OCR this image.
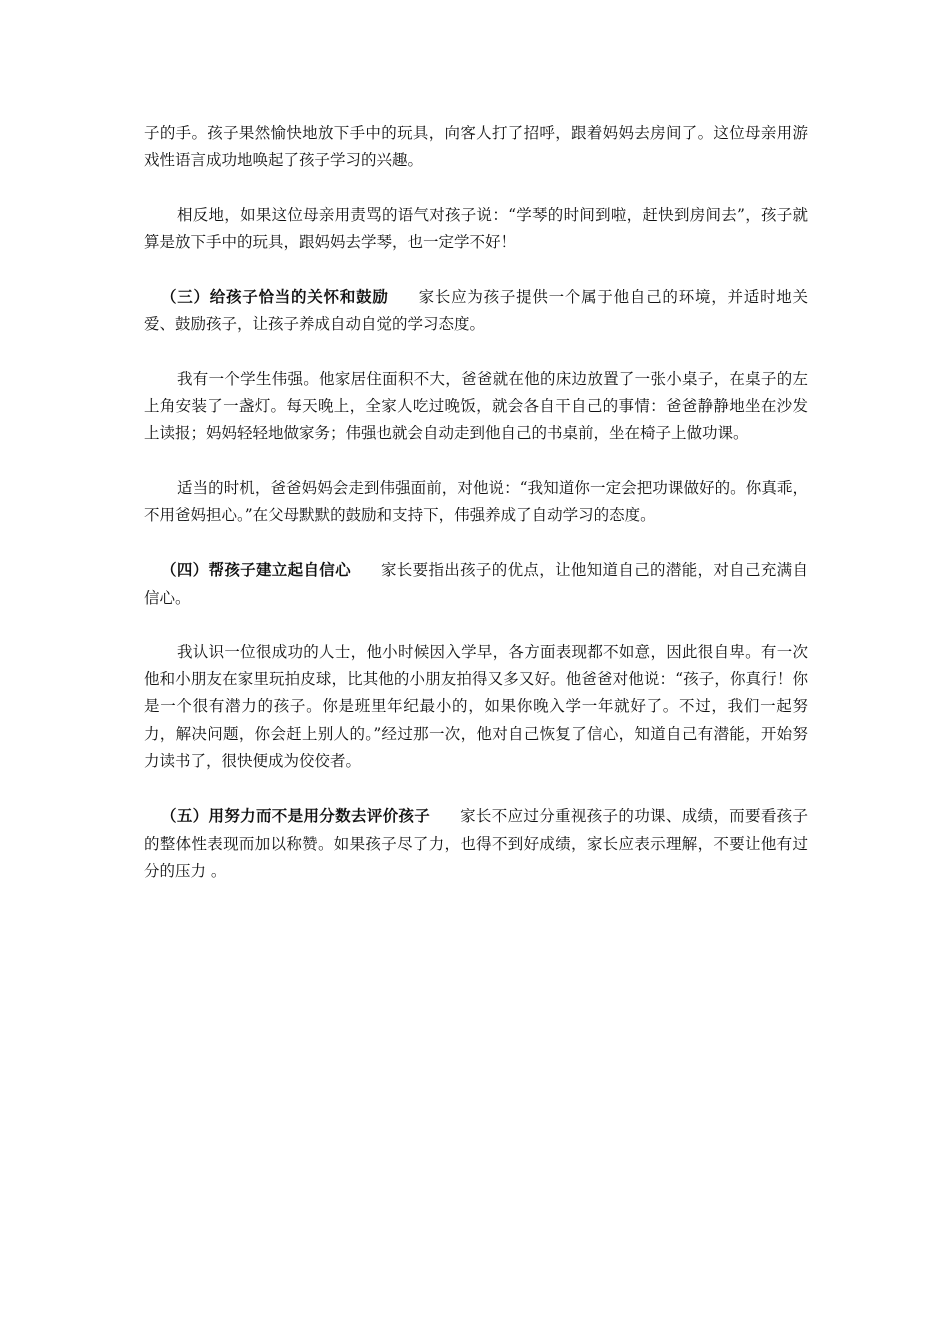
子的手。孩子果然愉快地放下手中的玩具，向客人打了招呼，跟着妈妈去房间了。这位母亲用游戏性语言成功地唤起了孩子学习的兴趣。

相反地，如果这位母亲用责骂的语气对孩子说：“学琴的时间到啦，赶快到房间去”，孩子就算是放下手中的玩具，跟妈妈去学琴，也一定学不好！

（三）给孩子恰当的关怀和鼓励 家长应为孩子提供一个属于他自己的环境，并适时地关爱、鼓励孩子，让孩子养成自动自觉的学习态度。

我有一个学生伟强。他家居住面积不大，爸爸就在他的床边放置了一张小桌子，在桌子的左上角安装了一盏灯。每天晚上，全家人吃过晚饭，就会各自干自己的事情：爸爸静静地坐在沙发上读报；妈妈轻轻地做家务；伟强也就会自动走到他自己的书桌前，坐在椅子上做功课。

适当的时机，爸爸妈妈会走到伟强面前，对他说：“我知道你一定会把功课做好的。你真乖，不用爸妈担心。”在父母默默的鼓励和支持下，伟强养成了自动学习的态度。

（四）帮孩子建立起自信心 家长要指出孩子的优点，让他知道自己的潜能，对自己充满自信心。

我认识一位很成功的人士，他小时候因入学早，各方面表现都不如意，因此很自卑。有一次他和小朋友在家里玩拍皮球，比其他的小朋友拍得又多又好。他爸爸对他说：“孩子，你真行！你是一个很有潜力的孩子。你是班里年纪最小的，如果你晚入学一年就好了。不过，我们一起努力，解决问题，你会赶上别人的。”经过那一次，他对自己恢复了信心，知道自己有潜能，开始努力读书了，很快便成为佼佼者。

（五）用努力而不是用分数去评价孩子 家长不应过分重视孩子的功课、成绩，而要看孩子的整体性表现而加以称赞。如果孩子尽了力，也得不到好成绩，家长应表示理解，不要让他有过分的压力 。
